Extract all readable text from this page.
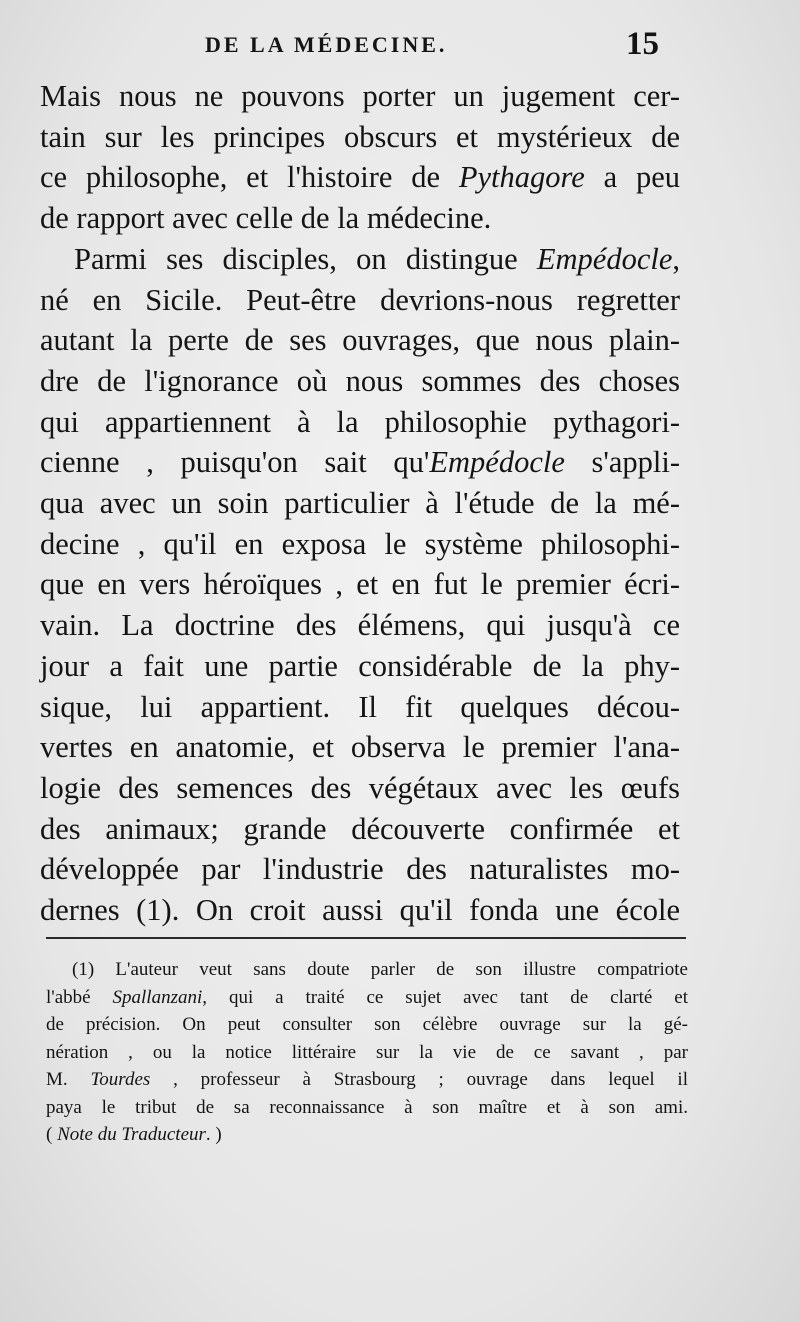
DE LA MÉDECINE.	15
Mais nous ne pouvons porter un jugement cer-
tain sur les principes obscurs et mystérieux de
ce philosophe, et l'histoire de Pythagore a peu
de rapport avec celle de la médecine.
Parmi ses disciples, on distingue Empédocle,
né en Sicile. Peut-être devrions-nous regretter
autant la perte de ses ouvrages, que nous plain-
dre de l'ignorance où nous sommes des choses
qui appartiennent à la philosophie pythagori-
cienne , puisqu'on sait qu'Empédocle s'appli-
qua avec un soin particulier à l'étude de la mé-
decine , qu'il en exposa le système philosophi-
que en vers héroïques , et en fut le premier écri-
vain. La doctrine des élémens, qui jusqu'à ce
jour a fait une partie considérable de la phy-
sique, lui appartient. Il fit quelques décou-
vertes en anatomie, et observa le premier l'ana-
logie des semences des végétaux avec les œufs
des animaux; grande découverte confirmée et
développée par l'industrie des naturalistes mo-
dernes (1). On croit aussi qu'il fonda une école
(1) L'auteur veut sans doute parler de son illustre compatriote
l'abbé Spallanzani, qui a traité ce sujet avec tant de clarté et
de précision. On peut consulter son célèbre ouvrage sur la gé-
nération , ou la notice littéraire sur la vie de ce savant , par
M. Tourdes , professeur à Strasbourg ; ouvrage dans lequel il
paya le tribut de sa reconnaissance à son maître et à son ami.
( Note du Traducteur. )
